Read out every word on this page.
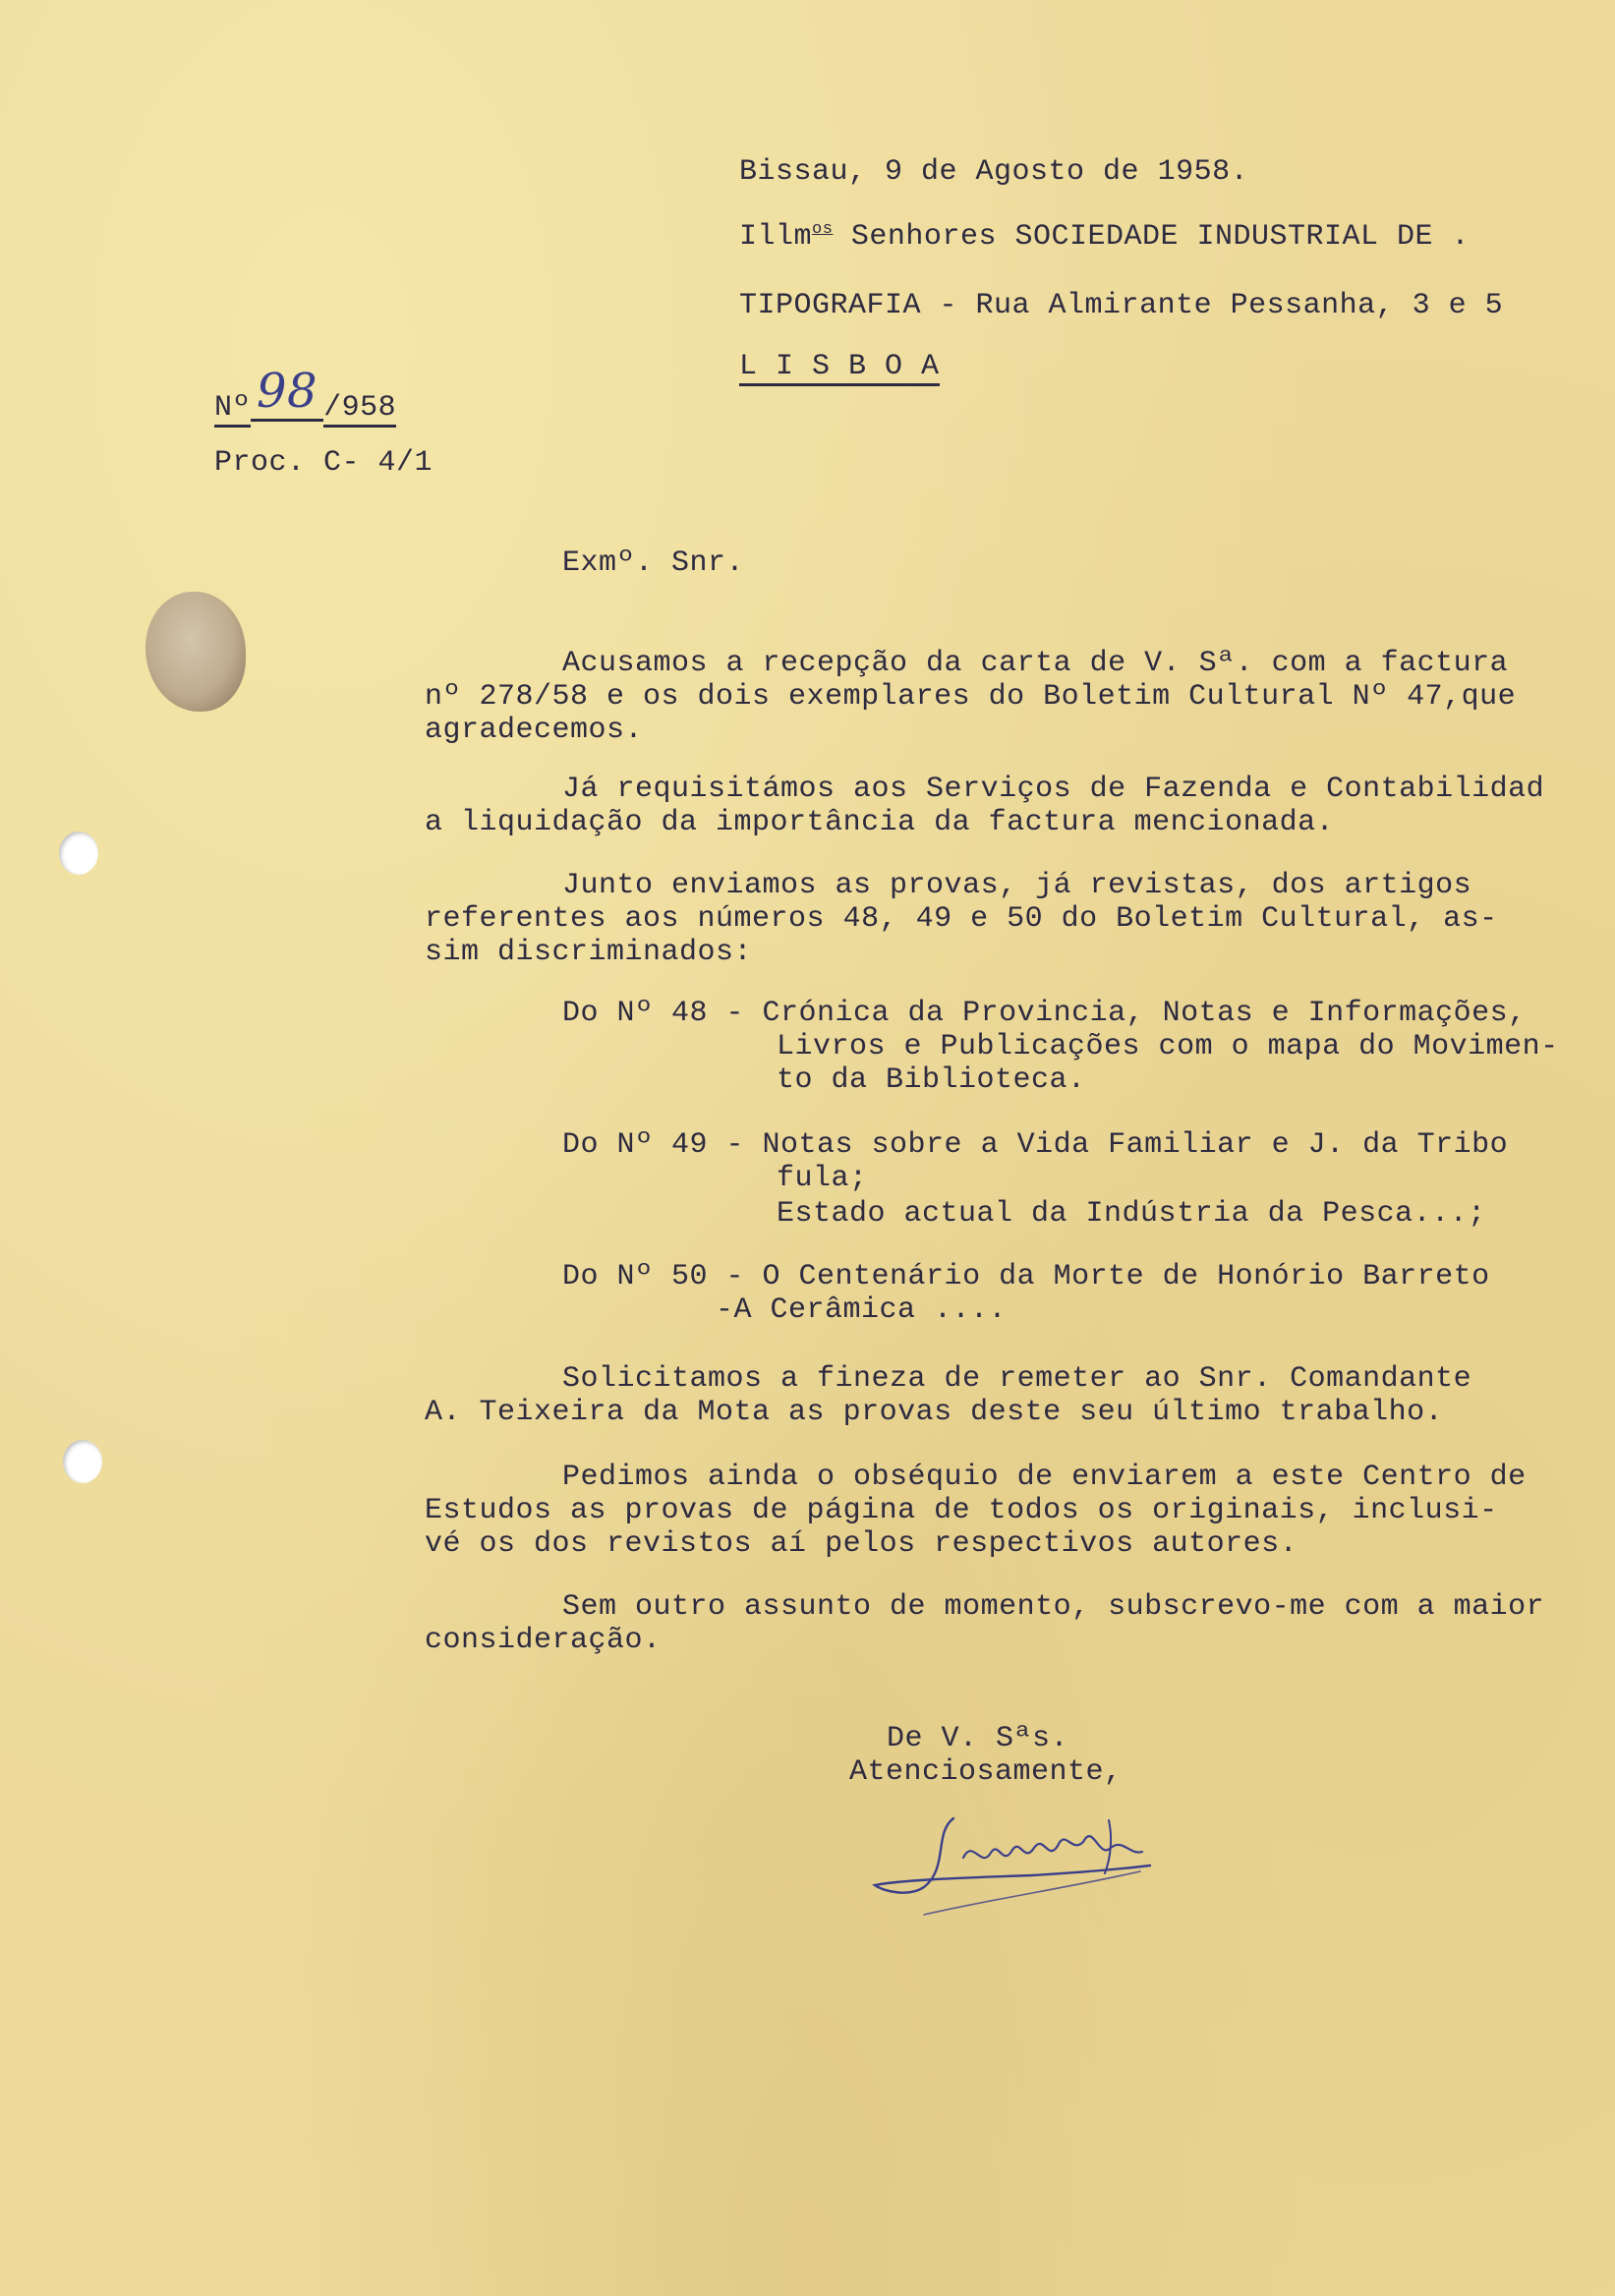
Bissau, 9 de Agosto de 1958.
Illm$^{os}$ Senhores SOCIEDADE INDUSTRIAL DE .
TIPOGRAFIA - Rua Almirante Pessanha, 3 e 5
L I S B O A
Nº 98 /958
Proc. C- 4/1
Exmº. Snr.
Acusamos a recepção da carta de V. Sª. com a factura
nº 278/58 e os dois exemplares do Boletim Cultural Nº 47,que
agradecemos.
Já requisitámos aos Serviços de Fazenda e Contabilidad
a liquidação da importância da factura mencionada.
Junto enviamos as provas, já revistas, dos artigos
referentes aos números 48, 49 e 50 do Boletim Cultural, as-
sim discriminados:
Do Nº 48 - Crónica da Provincia, Notas e Informações,
Livros e Publicações com o mapa do Movimen-
to da Biblioteca.
Do Nº 49 - Notas sobre a Vida Familiar e J. da Tribo
fula;
Estado actual da Indústria da Pesca...;
Do Nº 50 - O Centenário da Morte de Honório Barreto
-A Cerâmica ....
Solicitamos a fineza de remeter ao Snr. Comandante
A. Teixeira da Mota as provas deste seu último trabalho.
Pedimos ainda o obséquio de enviarem a este Centro de
Estudos as provas de página de todos os originais, inclusi-
vé os dos revistos aí pelos respectivos autores.
Sem outro assunto de momento, subscrevo-me com a maior
consideração.
De V. Sªs.
Atenciosamente,
